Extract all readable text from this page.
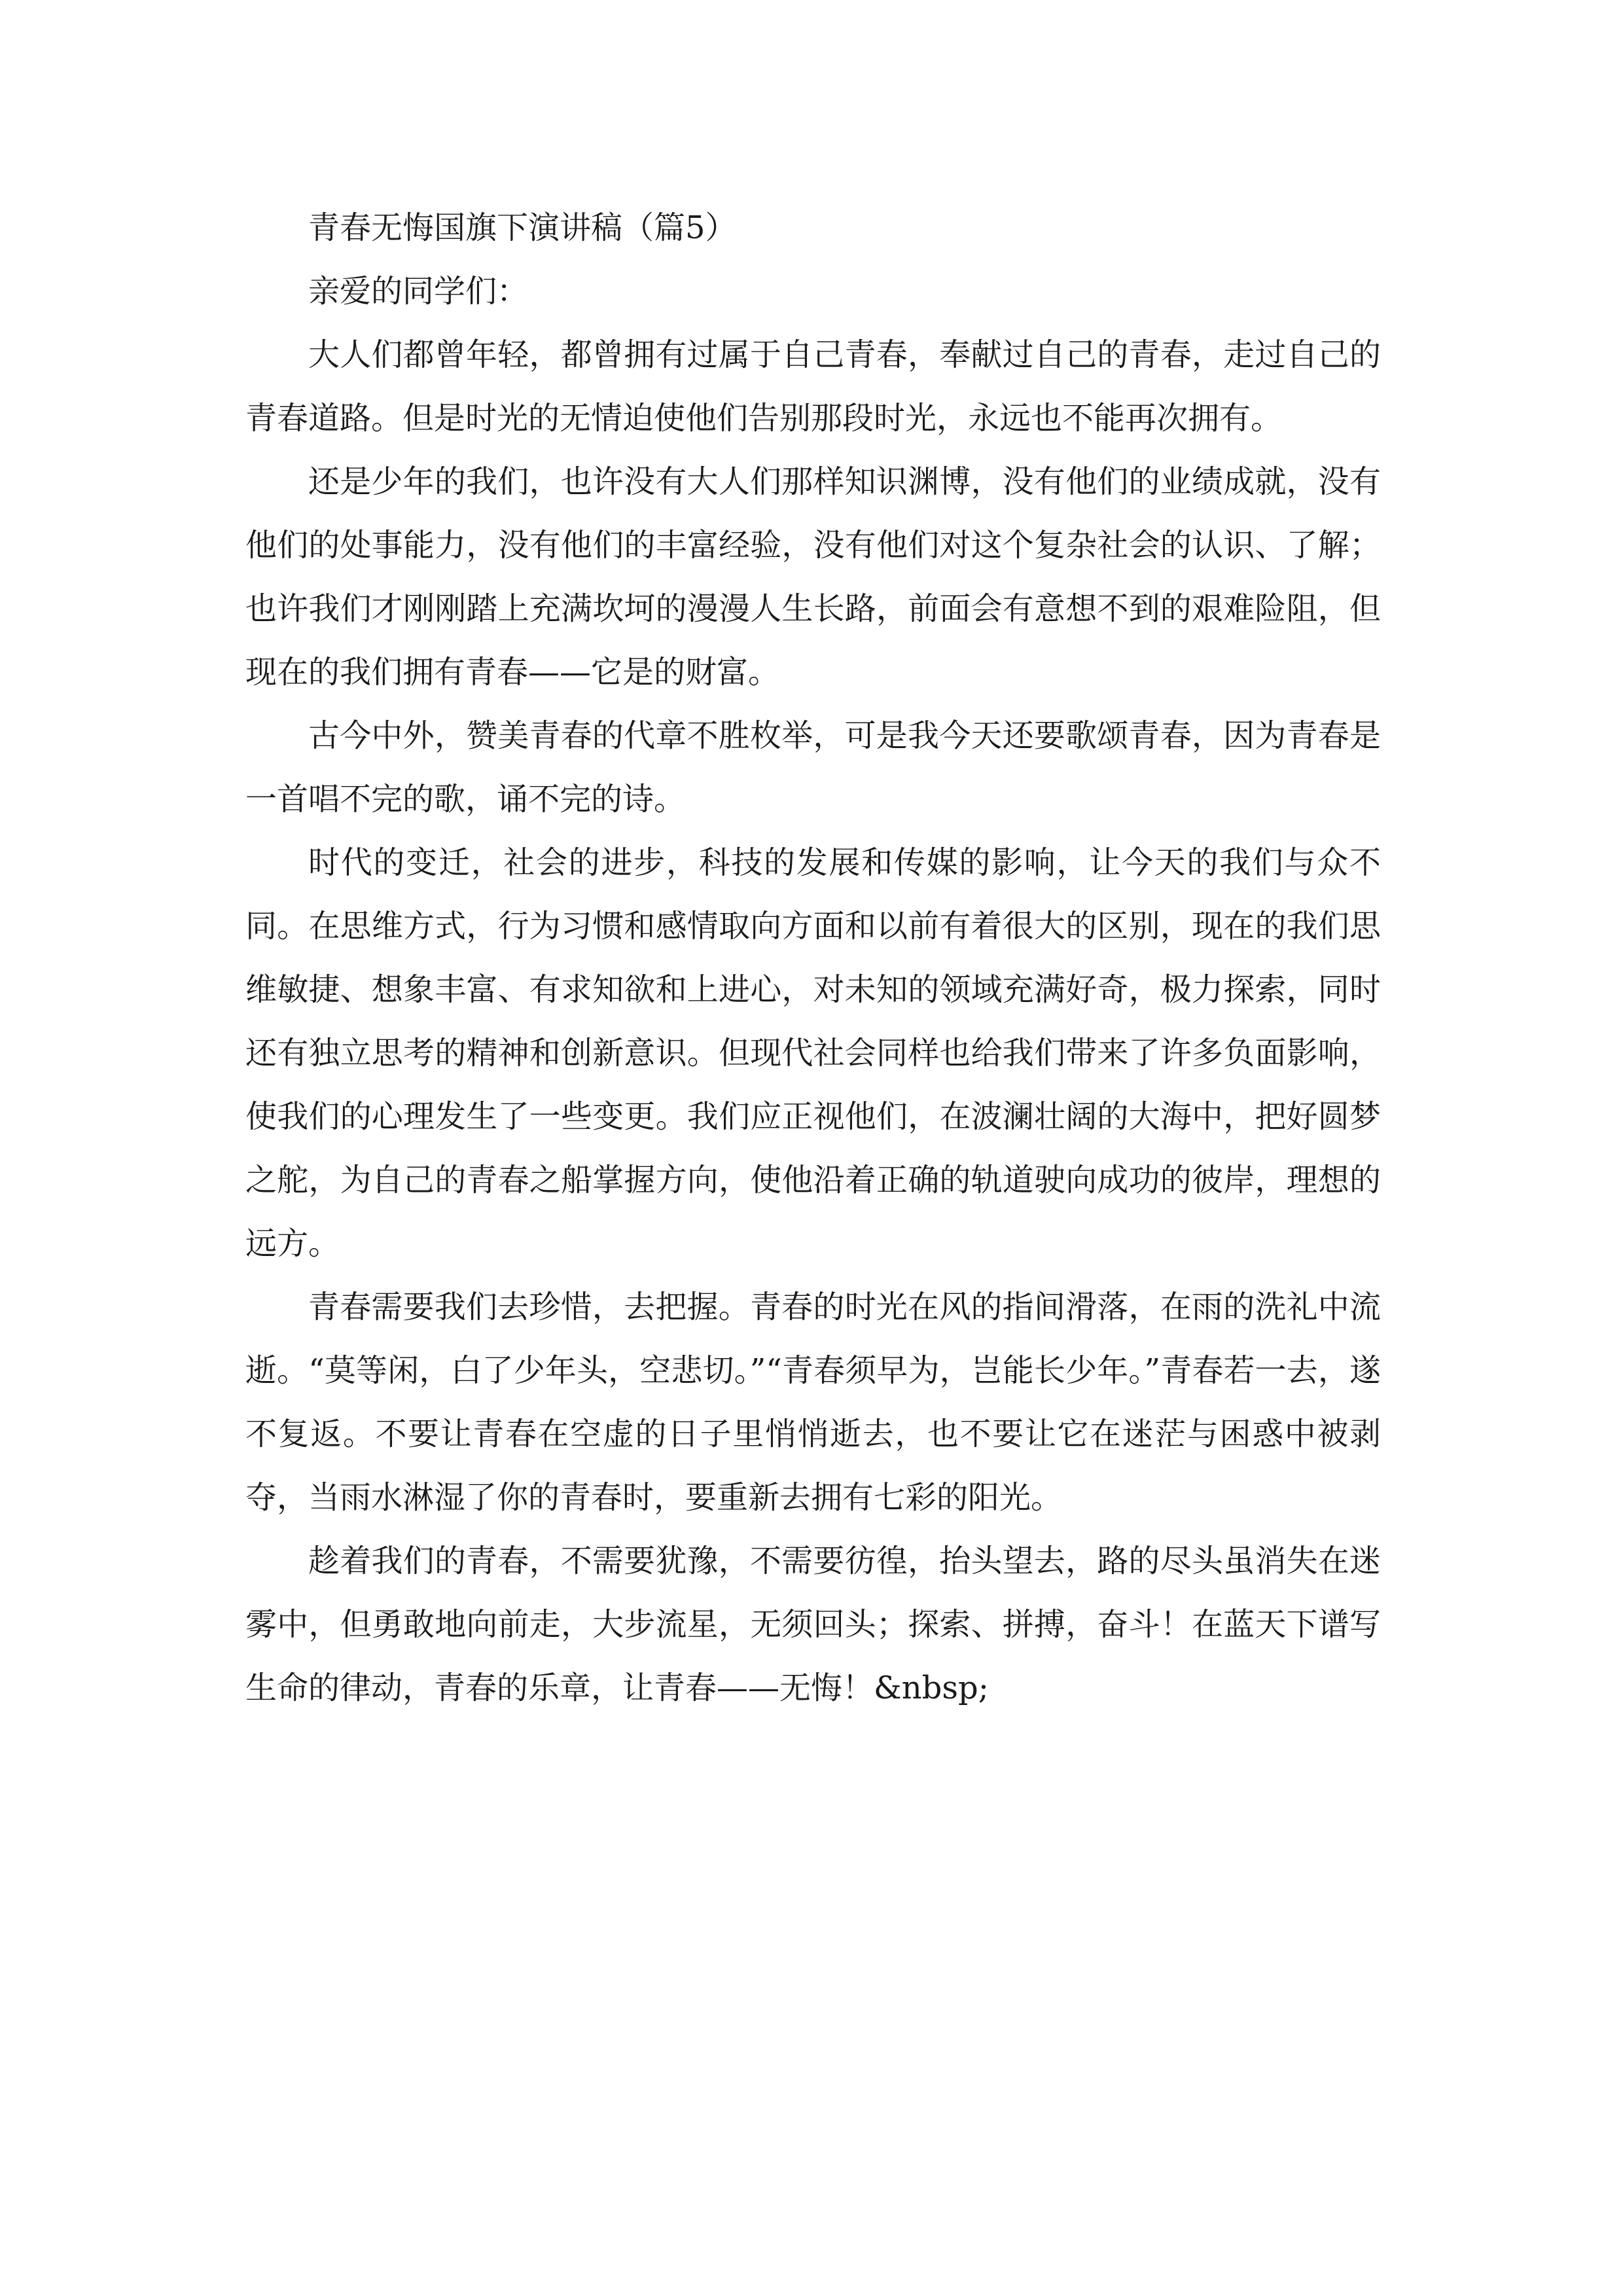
青春无悔国旗下演讲稿（篇5）

亲爱的同学们：

大人们都曾年轻，都曾拥有过属于自己青春，奉献过自己的青春，走过自己的青春道路。但是时光的无情迫使他们告别那段时光，永远也不能再次拥有。

还是少年的我们，也许没有大人们那样知识渊博，没有他们的业绩成就，没有他们的处事能力，没有他们的丰富经验，没有他们对这个复杂社会的认识、了解；也许我们才刚刚踏上充满坎坷的漫漫人生长路，前面会有意想不到的艰难险阻，但现在的我们拥有青春——它是的财富。

古今中外，赞美青春的代章不胜枚举，可是我今天还要歌颂青春，因为青春是一首唱不完的歌，诵不完的诗。

时代的变迁，社会的进步，科技的发展和传媒的影响，让今天的我们与众不同。在思维方式，行为习惯和感情取向方面和以前有着很大的区别，现在的我们思维敏捷、想象丰富、有求知欲和上进心，对未知的领域充满好奇，极力探索，同时还有独立思考的精神和创新意识。但现代社会同样也给我们带来了许多负面影响，使我们的心理发生了一些变更。我们应正视他们，在波澜壮阔的大海中，把好圆梦之舵，为自己的青春之船掌握方向，使他沿着正确的轨道驶向成功的彼岸，理想的远方。

青春需要我们去珍惜，去把握。青春的时光在风的指间滑落，在雨的洗礼中流逝。“莫等闲，白了少年头，空悲切。”“青春须早为，岂能长少年。”青春若一去，遂不复返。不要让青春在空虚的日子里悄悄逝去，也不要让它在迷茫与困惑中被剥夺，当雨水淋湿了你的青春时，要重新去拥有七彩的阳光。

趁着我们的青春，不需要犹豫，不需要彷徨，抬头望去，路的尽头虽消失在迷雾中，但勇敢地向前走，大步流星，无须回头；探索、拼搏，奋斗！在蓝天下谱写生命的律动，青春的乐章，让青春——无悔！&nbsp;
